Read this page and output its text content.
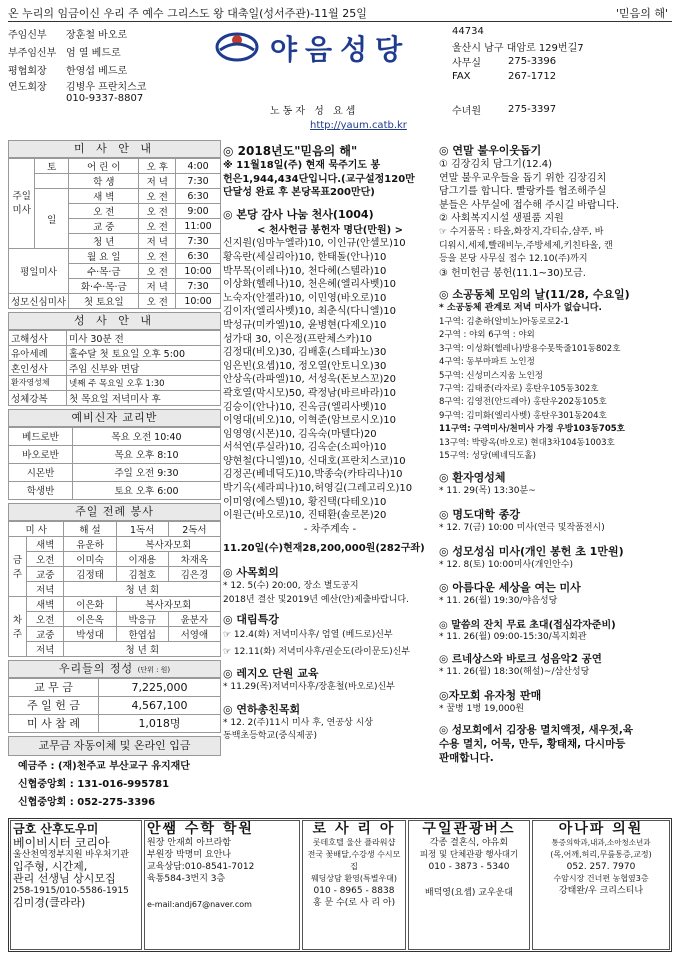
온 누리의 임금이신 우리 주 예수 그리스도 왕 대축일(성서주관)-11월 25일	'믿음의 해'
주임신부	장훈철 바오로
부주임신부 엄 열 베드로
평협회장	한영섭 베드로
연도회장	김병우 프란치스코
010-9337-8807
야음성당
노동자 성 요셉
http://yaum.catb.kr
44734
울산시 남구 대암로 129번길7
사무실	275-3396
FAX	267-1712
수녀원	275-3397
미 사 안 내
주일미사	토	어 린 이	오 후	4:00
		학 생	저 녁	7:30
	일	새 벽	오 전	6:30
		오 전	오 전	9:00
		교 중	오 전	11:00
		청 년	저 녁	7:30
평일미사		월 요 일	오 전	6:30
		수·목·금	오 전	10:00
		화·수·목·금	저 녁	7:30
성모신심미사		첫 토요일	오 전	10:00
성 사 안 내
고해성사	미사 30분 전
유아세례	홀수달 첫 토요일 오후 5:00
혼인성사	주임 신부와 면담
환자영성체	넷째 주 목요일 오후 1:30
성체강복	첫 목요일 저녁미사 후
예비신자 교리반
베드로반	목요 오전 10:40
바오로반	목요 오후 8:10
시몬반	주일 오전 9:30
학생반	토요 오후 6:00
주일 전례 봉사
미 사		해 설	1독서	2독서
금주	새벽	유운하	복사자모회	
	오전	이미숙	이재용	차재옥
	교중	김정태	김철호	김은경
	저녁	청 년 회		
차주	새벽	이은화	복사자모회	
	오전	이은옥	박응규	윤분자
	교중	박성대	한엽섭	서영애
	저녁	청 년 회		
우리들의 정성 (단위 : 원)
교 무 금	7,225,000
주 일 헌 금	4,567,100
미 사 참 례	1,018명
교무금 자동이체 및 온라인 입금
예금주 : (재)천주교 부산교구 유지재단
신협중앙회 : 131-016-995781
신협중앙회 : 052-275-3396
◎ 2018년도"믿음의 해"
※ 11월18일(주) 현재 묵주기도 봉
헌은1,944,434단입니다.(교구설정120만
단달성 완료 후 본당목표200만단)
◎ 본당 감사 나눔 천사(1004)
< 천사헌금 봉헌자 명단(만원) >
신지원(임마누엘라)10, 이인규(안셀모)10
황옥란(세실리아)10, 한태돌(안나)10
박무목(이레나)10, 천다혜(스텔라)10
이상화(헬레나)10, 천은혜(엘리사벳)10
노숙자(안젤라)10, 이민영(바오로)10
김이자(엘리사벳)10, 최춘식(다니엘)10
박성규(미카엘)10, 윤병현(다제오)10
성가대 30, 이은정(프란체스카)10
김정대(비오)30, 김배훈(스테파노)30
임은빈(요셉)10, 정오열(안토니오)30
안상옥(라파엘)10, 서성욱(돈보스꼬)20
곽호열(막시모)50, 곽정남(바르바라)10
김승이(안나)10, 진옥금(엘리사벳)10
이영대(비오)10, 이혁준(암브로시오)10
임영영(시몬)10, 김옥숙(마텔다)20
서석연(루실라)10, 김옥순(소피아)10
양현철(다니엘)10, 신대호(프란치스코)10
김정곤(베네딕도)10,박종숙(카타리나)10
박기옥(세라피나)10,허영길(그레고리오)10
이미영(에스텔)10, 황진택(다테오)10
이원근(바오로)10, 진태환(솔로몬)20
- 차주계속 -
11.20일(수)현재28,200,000원(282구좌)
◎ 사목회의
* 12. 5(수) 20:00, 장소 별도공지
2018년 결산 및2019년 예산(안)제출바랍니다.
◎ 대림특강
☞ 12.4(화) 저녁미사후/ 엄열 (베드로)신부
☞ 12.11(화) 저녁미사후/권순도(라이문도)신부
◎ 레지오 단원 교육
* 11.29(목)저녁미사후/장훈철(바오로)신부
◎ 연하총친목회
* 12. 2(주)11시 미사 후, 연공상 시상
동백초등학교(중식제공)
◎ 연말 불우이웃돕기
① 김장김치 담그기(12.4)
연말 불우교우들을 돕기 위한 김장김치
담그기를 합니다. 빨랑카를 협조해주실
분들은 사무실에 접수해 주시길 바랍니다.
② 사회복지시설 생필품 지원
☞ 수거품목 : 타올,화장지,각티슈,샴푸, 바
디워시,세제,빨래비누,주방세제,키친타올, 캔
등을 본당 사무실 접수 12.10(주)까지
③ 헌미헌금 봉헌(11.1~30)모금.
◎ 소공동체 모임의 날(11/28, 수요일)
* 소공동체 관계로 저녁 미사가 없습니다.
1구역: 김춘하(알비노)아동로로2-1
2구역 : 야외 6구역 : 야외
3구역: 이성화(헬레나)방용수못뚝줄101동802호
4구역: 동부마파트 노인정
5구역: 신성미스지움 노인정
7구역: 김태중(라자로) 홍탄우105동302호
8구역: 김영전(안드레아) 홍탄우202동105호
9구역: 김미화(엘리사벳) 홍탄우301동204호
11구역: 구역미사/천미사 가정 우방103동705호
13구역: 박랑옥(바오로) 현대3차104동1003호
15구역: 성당(베네딕도홀)
◎ 환자영성체
* 11. 29(목) 13:30분~
◎ 명도대학 종강
* 12. 7(금) 10:00 미사(연극 및작품전시)
◎ 성모성심 미사(개인 봉헌 초 1만원)
* 12. 8(토) 10:00미사(개인안수)
◎ 아름다운 세상을 여는 미사
* 11. 26(월) 19:30/야음성당
◎ 말씀의 잔치 무료 초대(접심각자준비)
* 11. 26(월) 09:00-15:30/복지회관
◎ 르네상스와 바로크 성음악2 공연
* 11. 26(월) 18:30(해설)~/삼산성당
◎자모회 유자청 판매
* 꿀병 1병 19,000원
◎ 성모회에서 김장용 멸치액젓, 새우젓,육
수용 멸치, 어묵, 만두, 황태채, 다시마등
판매합니다.
금호 산후도우미
베이비시터 코리아
울산천역정부지원 바우처기관
입주형, 시간제,
관리 선생님 상시모집
258-1915/010-5586-1915
김미경(클라라)
안쌤 수학 학원
원장 안재희 아브라함
부원장 박명미 요안나
교육상담:010-8541-7012
육통584-3번지 3층
e-mail:andj67@naver.com
로 사 리 아
롯데호텔 울산 플라워샵
전국 꽃배달,수강생 수시모집
웨딩상담 환영(특별우대)
010 - 8965 - 8838
홍 문 수(로 사 리 아)
구일관광버스
각종 결혼식, 야유회
피정 및 단체관광 행사대기
010 - 3873 - 5340
배덕영(요셉) 교우운대
아나파 의원
통증의학과,내과,소아청소년과
(목,어깨,허리,무릎통증,교정)
052. 257. 7970
수암시장 건너편 농협옆3층
강태완/우 크리스티나
